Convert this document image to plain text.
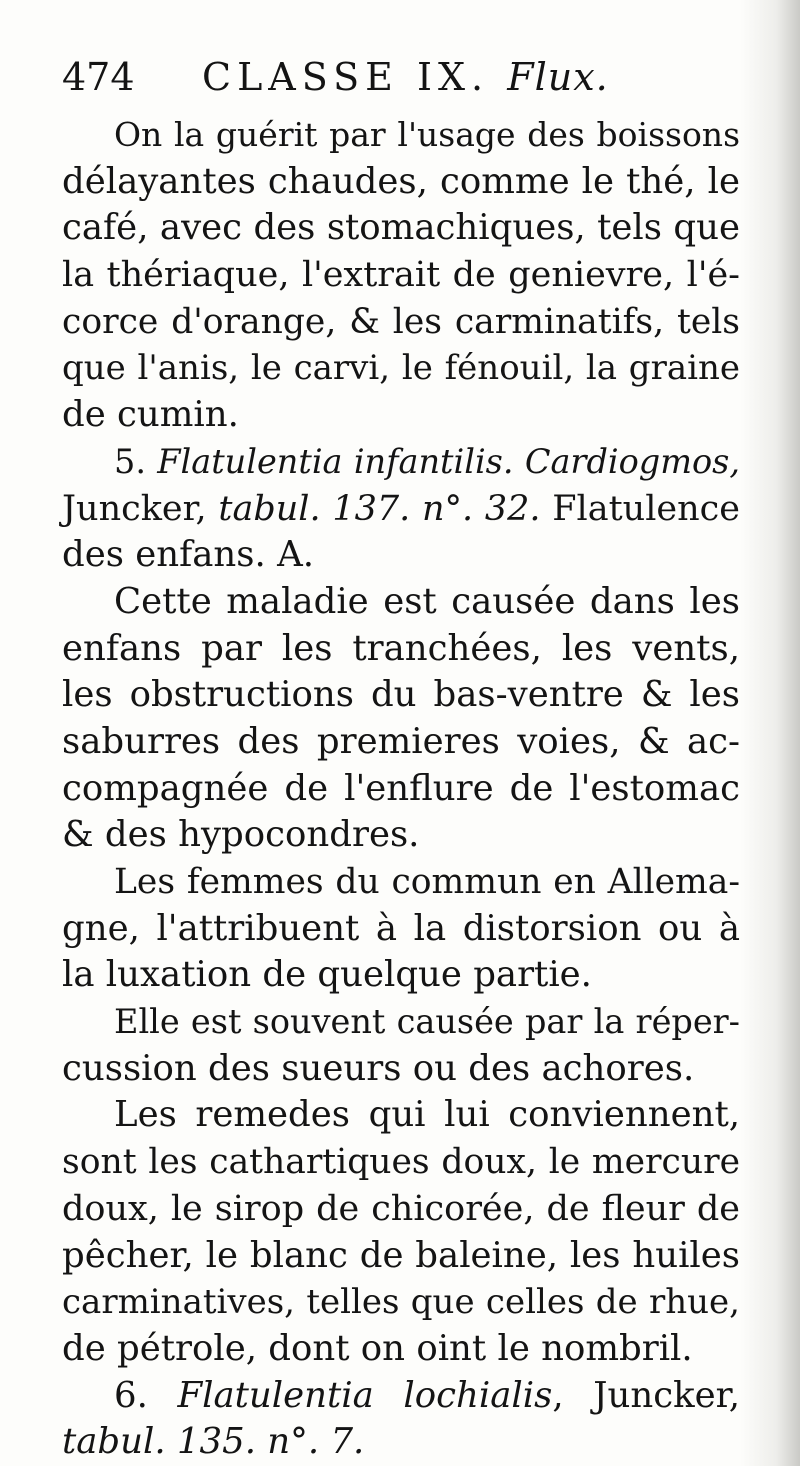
474 CLASSE IX. Flux.
On la guérit par l'usage des boissons
délayantes chaudes, comme le thé, le
café, avec des stomachiques, tels que
la thériaque, l'extrait de genievre, l'é-
corce d'orange, & les carminatifs, tels
que l'anis, le carvi, le fénouil, la graine
de cumin.
5. Flatulentia infantilis. Cardiogmos,
Juncker, tabul. 137. n°. 32. Flatulence
des enfans. A.
Cette maladie est causée dans les
enfans par les tranchées, les vents,
les obstructions du bas-ventre & les
saburres des premieres voies, & ac-
compagnée de l'enflure de l'estomac
& des hypocondres.
Les femmes du commun en Allema-
gne, l'attribuent à la distorsion ou à
la luxation de quelque partie.
Elle est souvent causée par la réper-
cussion des sueurs ou des achores.
Les remedes qui lui conviennent,
sont les cathartiques doux, le mercure
doux, le sirop de chicorée, de fleur de
pêcher, le blanc de baleine, les huiles
carminatives, telles que celles de rhue,
de pétrole, dont on oint le nombril.
6. Flatulentia lochialis, Juncker,
tabul. 135. n°. 7.
